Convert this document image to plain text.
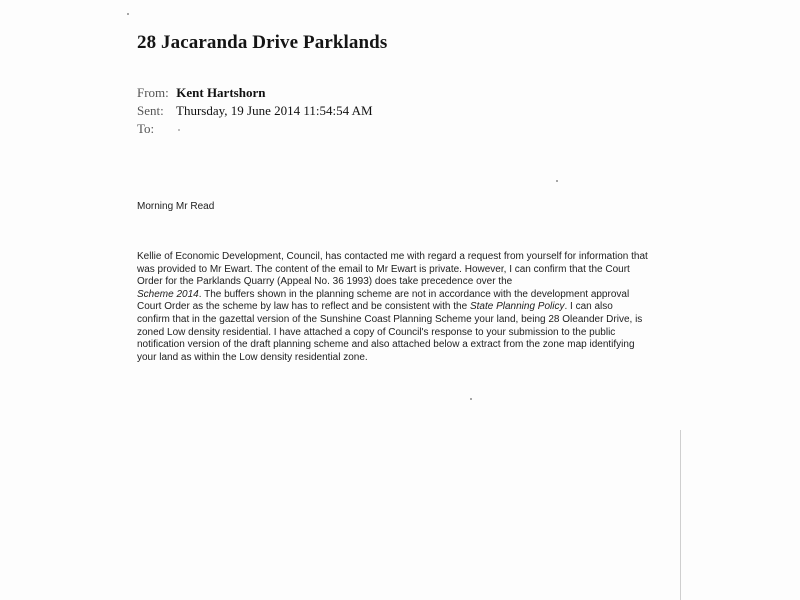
28 Jacaranda Drive Parklands
From: Kent Hartshorn
Sent: Thursday, 19 June 2014 11:54:54 AM
To:
Morning Mr Read
Kellie of Economic Development, Council, has contacted me with regard a request from yourself for information that
was provided to Mr Ewart. The content of the email to Mr Ewart is private. However, I can confirm that the Court
Order for the Parklands Quarry (Appeal No. 36 1993) does take precedence over the
Scheme 2014. The buffers shown in the planning scheme are not in accordance with the development approval
Court Order as the scheme by law has to reflect and be consistent with the State Planning Policy. I can also
confirm that in the gazettal version of the Sunshine Coast Planning Scheme your land, being 28 Oleander Drive, is
zoned Low density residential. I have attached a copy of Council's response to your submission to the public
notification version of the draft planning scheme and also attached below a extract from the zone map identifying
your land as within the Low density residential zone.
